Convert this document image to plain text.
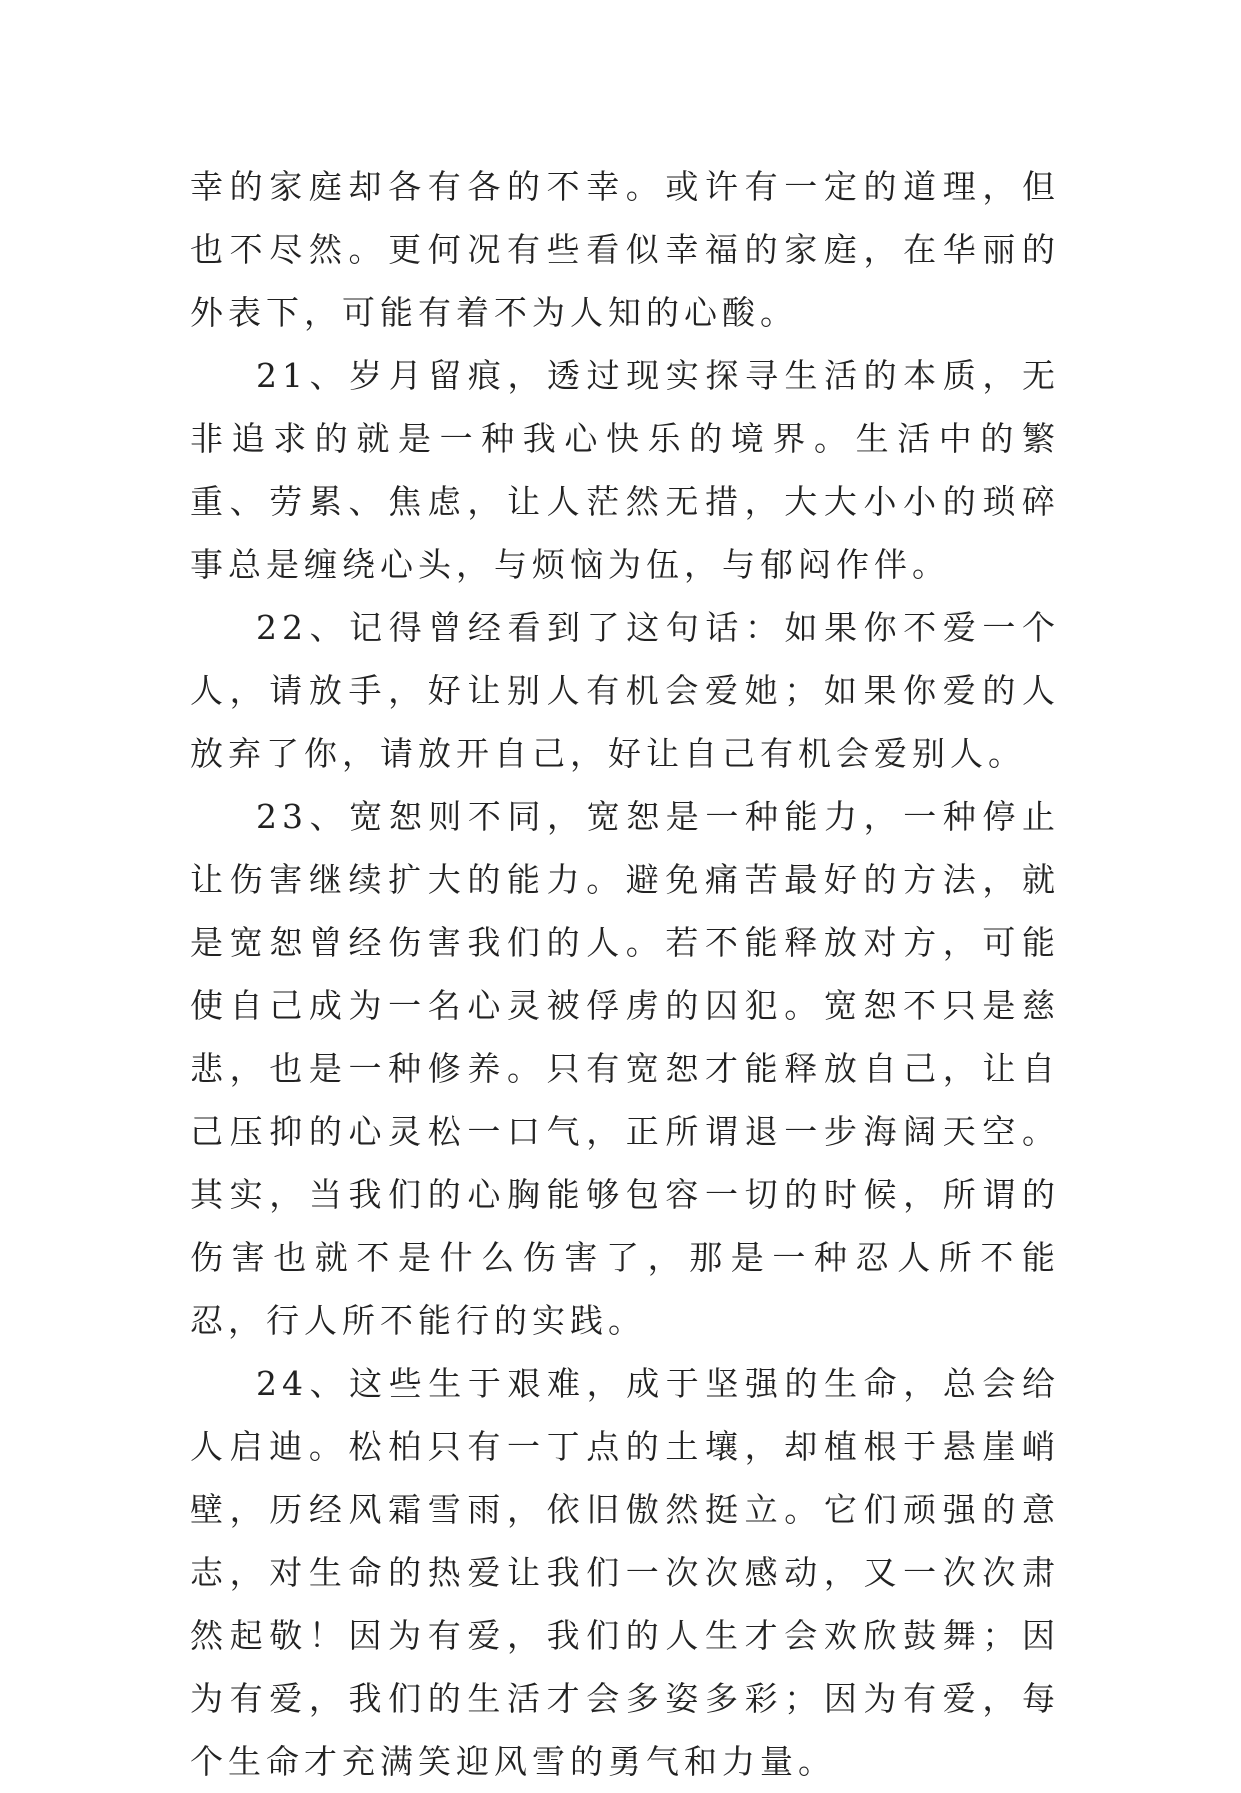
幸的家庭却各有各的不幸。或许有一定的道理，但也不尽然。更何况有些看似幸福的家庭，在华丽的外表下，可能有着不为人知的心酸。

21、岁月留痕，透过现实探寻生活的本质，无非追求的就是一种我心快乐的境界。生活中的繁重、劳累、焦虑，让人茫然无措，大大小小的琐碎事总是缠绕心头，与烦恼为伍，与郁闷作伴。

22、记得曾经看到了这句话：如果你不爱一个人，请放手，好让别人有机会爱她；如果你爱的人放弃了你，请放开自己，好让自己有机会爱别人。

23、宽恕则不同，宽恕是一种能力，一种停止让伤害继续扩大的能力。避免痛苦最好的方法，就是宽恕曾经伤害我们的人。若不能释放对方，可能使自己成为一名心灵被俘虏的囚犯。宽恕不只是慈悲，也是一种修养。只有宽恕才能释放自己，让自己压抑的心灵松一口气，正所谓退一步海阔天空。其实，当我们的心胸能够包容一切的时候，所谓的伤害也就不是什么伤害了，那是一种忍人所不能忍，行人所不能行的实践。

24、这些生于艰难，成于坚强的生命，总会给人启迪。松柏只有一丁点的土壤，却植根于悬崖峭壁，历经风霜雪雨，依旧傲然挺立。它们顽强的意志，对生命的热爱让我们一次次感动，又一次次肃然起敬！因为有爱，我们的人生才会欢欣鼓舞；因为有爱，我们的生活才会多姿多彩；因为有爱，每个生命才充满笑迎风雪的勇气和力量。
